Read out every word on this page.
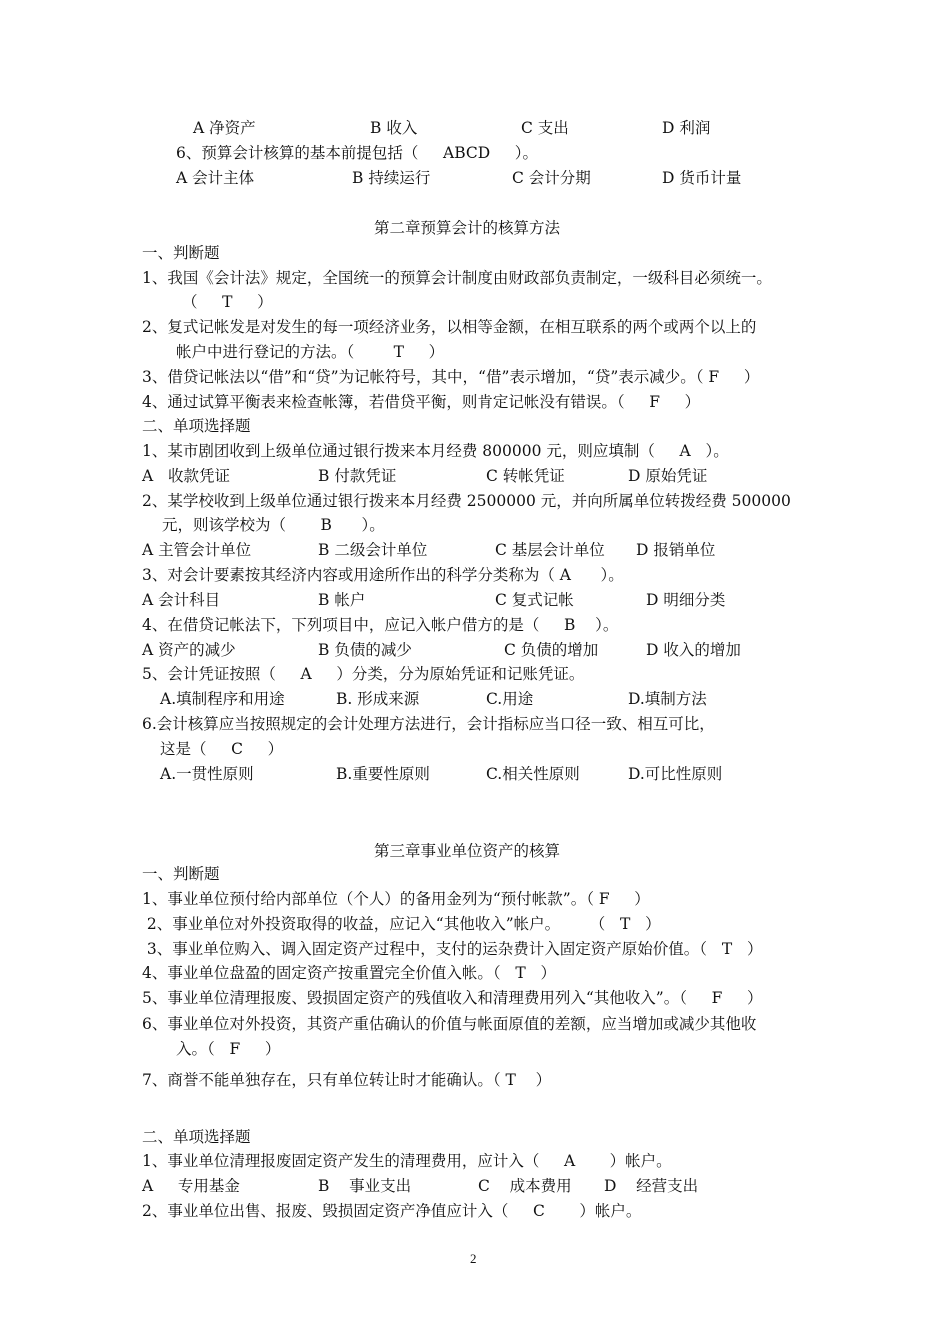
A 净资产	B 收入	C 支出	D 利润
6、预算会计核算的基本前提包括（     ABCD     ）。
A 会计主体	B 持续运行	C 会计分期	D 货币计量
第二章预算会计的核算方法
一、判断题
1、我国《会计法》规定，全国统一的预算会计制度由财政部负责制定，一级科目必须统一。
（     T     ）
2、复式记帐发是对发生的每一项经济业务，以相等金额，在相互联系的两个或两个以上的
帐户中进行登记的方法。（        T     ）
3、借贷记帐法以“借”和“贷”为记帐符号，其中，“借”表示增加，“贷”表示减少。（ F     ）
4、通过试算平衡表来检查帐簿，若借贷平衡，则肯定记帐没有错误。（     F     ）
二、单项选择题
1、某市剧团收到上级单位通过银行拨来本月经费 800000 元，则应填制（     A   ）。
A   收款凭证	B 付款凭证	C 转帐凭证	D 原始凭证
2、某学校收到上级单位通过银行拨来本月经费 2500000 元，并向所属单位转拨经费 500000
元，则该学校为（       B      ）。
A 主管会计单位	B 二级会计单位	C 基层会计单位 D 报销单位
3、对会计要素按其经济内容或用途所作出的科学分类称为（ A      ）。
A 会计科目	B 帐户	C 复式记帐	D 明细分类
4、在借贷记帐法下，下列项目中，应记入帐户借方的是（     B    ）。
A 资产的减少	B 负债的减少	C 负债的增加	D 收入的增加
5、会计凭证按照（     A     ）分类，分为原始凭证和记账凭证。
A.填制程序和用途	B. 形成来源	C.用途	D.填制方法
6.会计核算应当按照规定的会计处理方法进行，会计指标应当口径一致、相互可比，
这是（     C     ）
A.一贯性原则	B.重要性原则	C.相关性原则	D.可比性原则
第三章事业单位资产的核算
一、判断题
1、事业单位预付给内部单位（个人）的备用金列为“预付帐款”。（ F     ）
2、事业单位对外投资取得的收益，应记入“其他收入”帐户。      （   T   ）
3、事业单位购入、调入固定资产过程中，支付的运杂费计入固定资产原始价值。（   T   ）
4、事业单位盘盈的固定资产按重置完全价值入帐。（   T   ）
5、事业单位清理报废、毁损固定资产的残值收入和清理费用列入“其他收入”。（     F     ）
6、事业单位对外投资，其资产重估确认的价值与帐面原值的差额，应当增加或减少其他收
入。（   F     ）
7、商誉不能单独存在，只有单位转让时才能确认。（ T    ）
二、单项选择题
1、事业单位清理报废固定资产发生的清理费用，应计入（     A       ）帐户。
A     专用基金	B    事业支出	C    成本费用 D    经营支出
2、事业单位出售、报废、毁损固定资产净值应计入（     C       ）帐户。
2
